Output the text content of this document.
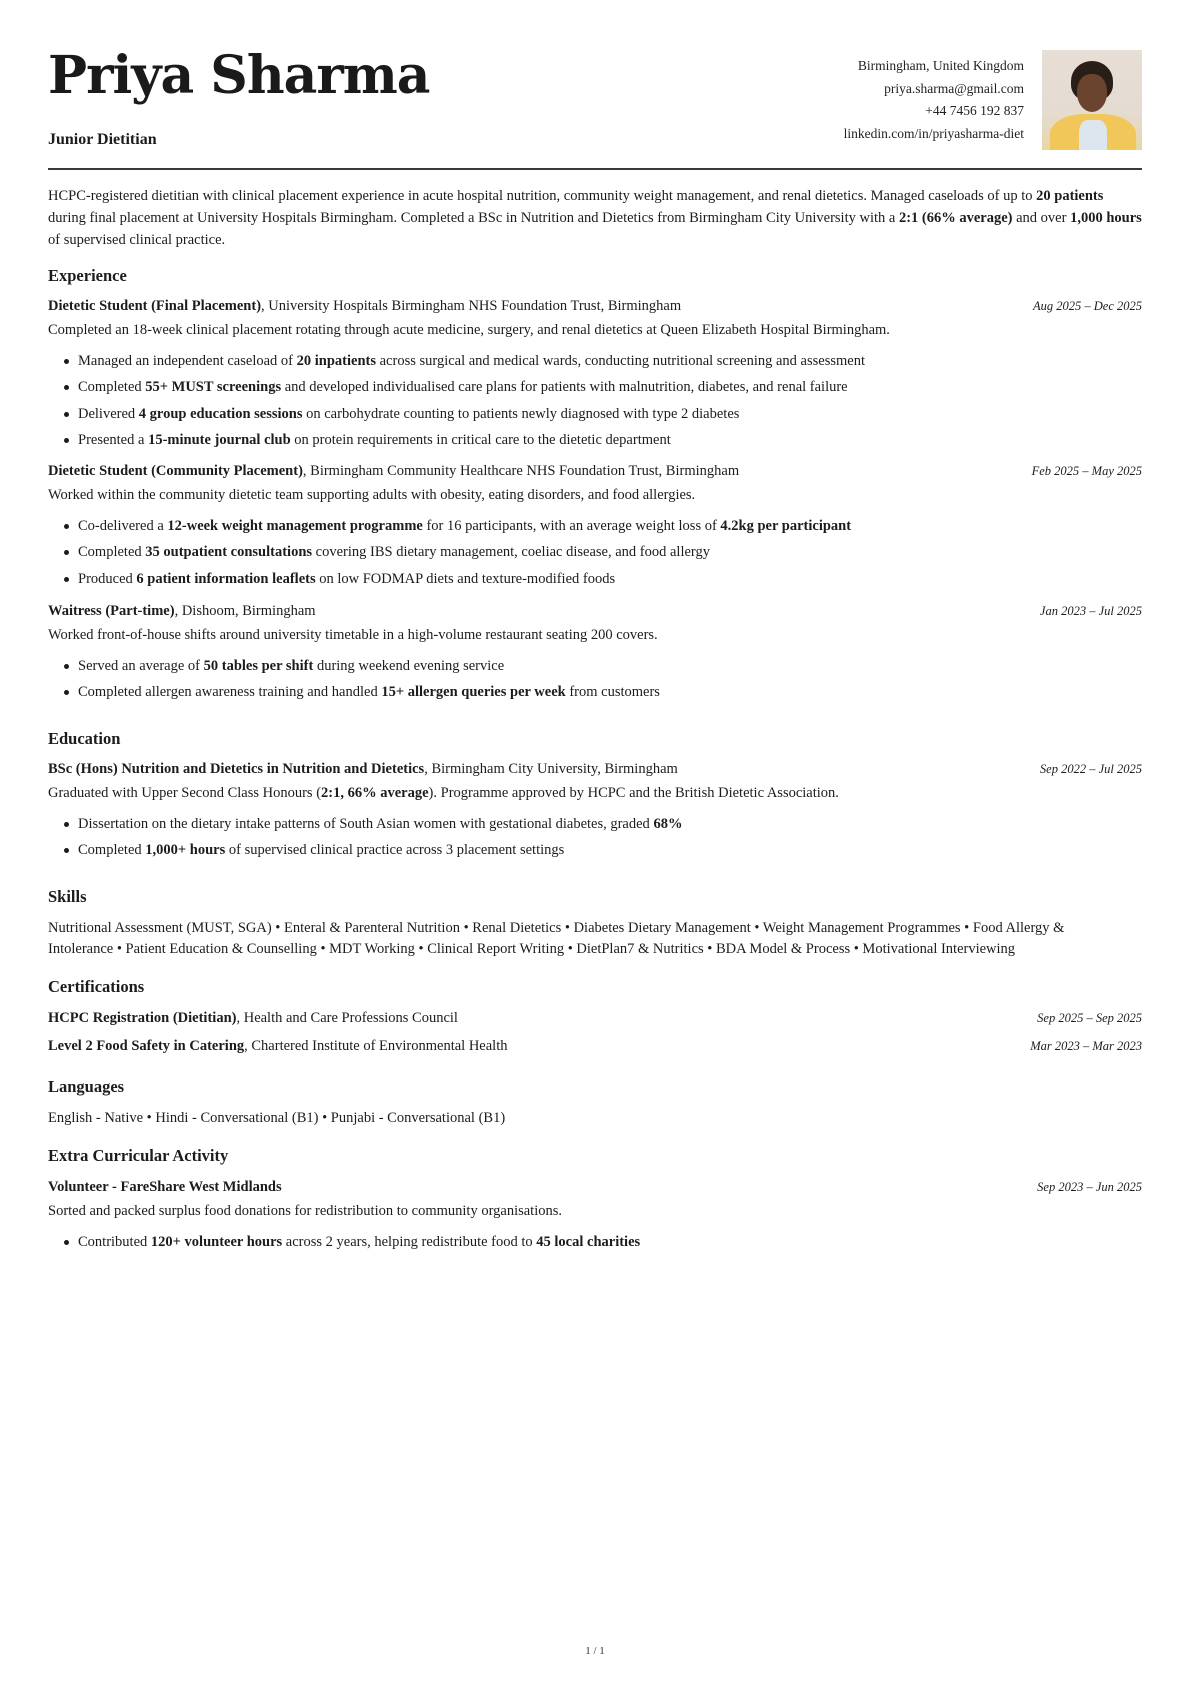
Priya Sharma
Junior Dietitian
Birmingham, United Kingdom
priya.sharma@gmail.com
+44 7456 192 837
linkedin.com/in/priyasharma-diet
HCPC-registered dietitian with clinical placement experience in acute hospital nutrition, community weight management, and renal dietetics. Managed caseloads of up to 20 patients during final placement at University Hospitals Birmingham. Completed a BSc in Nutrition and Dietetics from Birmingham City University with a 2:1 (66% average) and over 1,000 hours of supervised clinical practice.
Experience
Dietetic Student (Final Placement), University Hospitals Birmingham NHS Foundation Trust, Birmingham	Aug 2025 – Dec 2025
Completed an 18-week clinical placement rotating through acute medicine, surgery, and renal dietetics at Queen Elizabeth Hospital Birmingham.
Managed an independent caseload of 20 inpatients across surgical and medical wards, conducting nutritional screening and assessment
Completed 55+ MUST screenings and developed individualised care plans for patients with malnutrition, diabetes, and renal failure
Delivered 4 group education sessions on carbohydrate counting to patients newly diagnosed with type 2 diabetes
Presented a 15-minute journal club on protein requirements in critical care to the dietetic department
Dietetic Student (Community Placement), Birmingham Community Healthcare NHS Foundation Trust, Birmingham	Feb 2025 – May 2025
Worked within the community dietetic team supporting adults with obesity, eating disorders, and food allergies.
Co-delivered a 12-week weight management programme for 16 participants, with an average weight loss of 4.2kg per participant
Completed 35 outpatient consultations covering IBS dietary management, coeliac disease, and food allergy
Produced 6 patient information leaflets on low FODMAP diets and texture-modified foods
Waitress (Part-time), Dishoom, Birmingham	Jan 2023 – Jul 2025
Worked front-of-house shifts around university timetable in a high-volume restaurant seating 200 covers.
Served an average of 50 tables per shift during weekend evening service
Completed allergen awareness training and handled 15+ allergen queries per week from customers
Education
BSc (Hons) Nutrition and Dietetics in Nutrition and Dietetics, Birmingham City University, Birmingham	Sep 2022 – Jul 2025
Graduated with Upper Second Class Honours (2:1, 66% average). Programme approved by HCPC and the British Dietetic Association.
Dissertation on the dietary intake patterns of South Asian women with gestational diabetes, graded 68%
Completed 1,000+ hours of supervised clinical practice across 3 placement settings
Skills
Nutritional Assessment (MUST, SGA) • Enteral & Parenteral Nutrition • Renal Dietetics • Diabetes Dietary Management • Weight Management Programmes • Food Allergy &
Intolerance • Patient Education & Counselling • MDT Working • Clinical Report Writing • DietPlan7 & Nutritics • BDA Model & Process • Motivational Interviewing
Certifications
HCPC Registration (Dietitian), Health and Care Professions Council	Sep 2025 – Sep 2025
Level 2 Food Safety in Catering, Chartered Institute of Environmental Health	Mar 2023 – Mar 2023
Languages
English - Native • Hindi - Conversational (B1) • Punjabi - Conversational (B1)
Extra Curricular Activity
Volunteer - FareShare West Midlands	Sep 2023 – Jun 2025
Sorted and packed surplus food donations for redistribution to community organisations.
Contributed 120+ volunteer hours across 2 years, helping redistribute food to 45 local charities
1 / 1
